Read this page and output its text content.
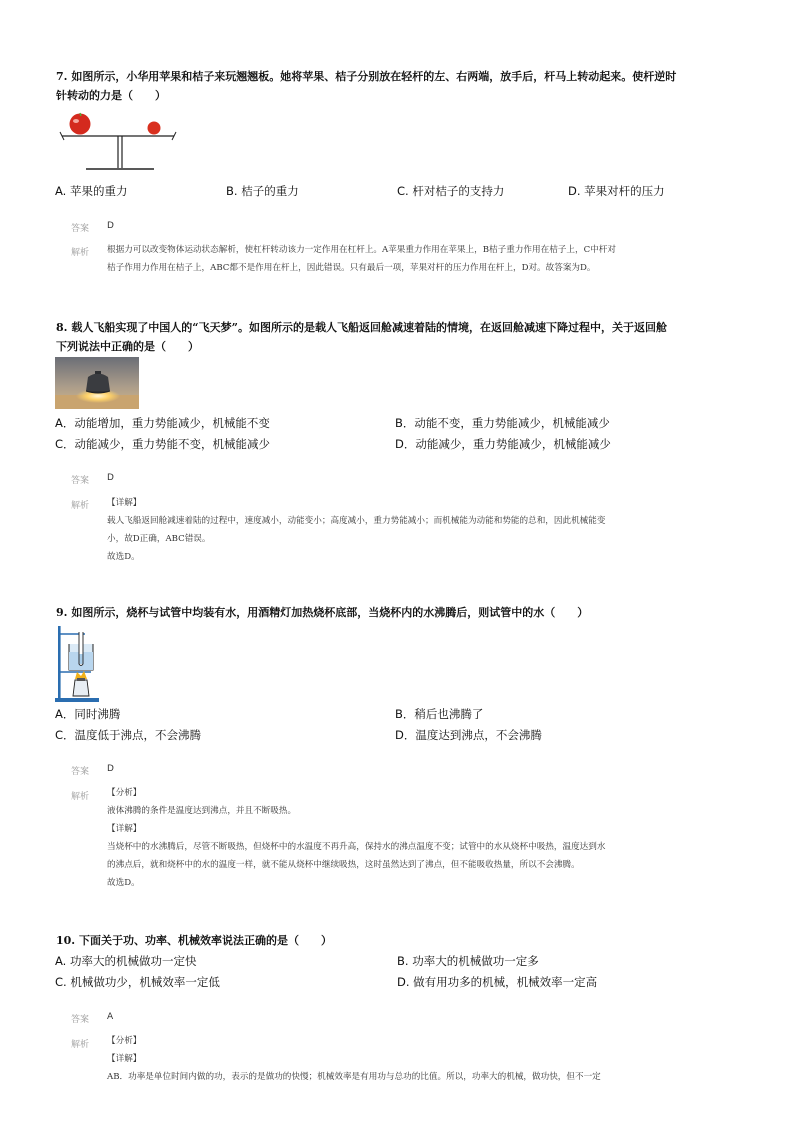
7. 如图所示，小华用苹果和桔子来玩翘翘板。她将苹果、桔子分别放在轻杆的左、右两端，放手后，杆马上转动起来。使杆逆时
针转动的力是（　　）
A. 苹果的重力	B. 桔子的重力	C. 杆对桔子的支持力	D. 苹果对杆的压力
答案 D
解析 根据力可以改变物体运动状态解析，使杠杆转动该力一定作用在杠杆上。A苹果重力作用在苹果上，B桔子重力作用在桔子上，C中杆对
桔子作用力作用在桔子上，ABC都不是作用在杆上，因此错误。只有最后一项，苹果对杆的压力作用在杆上，D对。故答案为D。
8. 载人飞船实现了中国人的“飞天梦”。如图所示的是载人飞船返回舱减速着陆的情境，在返回舱减速下降过程中，关于返回舱
下列说法中正确的是（　　）
A．动能增加，重力势能减少，机械能不变	B．动能不变，重力势能减少，机械能减少
C．动能减少，重力势能不变，机械能减少	D．动能减少，重力势能减少，机械能减少
答案 D
解析 【详解】
载人飞船返回舱减速着陆的过程中，速度减小，动能变小；高度减小，重力势能减小；而机械能为动能和势能的总和，因此机械能变
小，故D正确，ABC错误。
故选D。
9. 如图所示，烧杯与试管中均装有水，用酒精灯加热烧杯底部，当烧杯内的水沸腾后，则试管中的水（　　）
A．同时沸腾	B．稍后也沸腾了
C．温度低于沸点，不会沸腾	D．温度达到沸点，不会沸腾
答案 D
解析 【分析】
液体沸腾的条件是温度达到沸点，并且不断吸热。
【详解】
当烧杯中的水沸腾后，尽管不断吸热，但烧杯中的水温度不再升高，保持水的沸点温度不变；试管中的水从烧杯中吸热，温度达到水
的沸点后，就和烧杯中的水的温度一样，就不能从烧杯中继续吸热，这时虽然达到了沸点，但不能吸收热量，所以不会沸腾。
故选D。
10. 下面关于功、功率、机械效率说法正确的是（　　）
A. 功率大的机械做功一定快	B. 功率大的机械做功一定多
C. 机械做功少，机械效率一定低	D. 做有用功多的机械，机械效率一定高
答案 A
解析 【分析】
【详解】
AB．功率是单位时间内做的功，表示的是做功的快慢；机械效率是有用功与总功的比值。所以，功率大的机械，做功快，但不一定
